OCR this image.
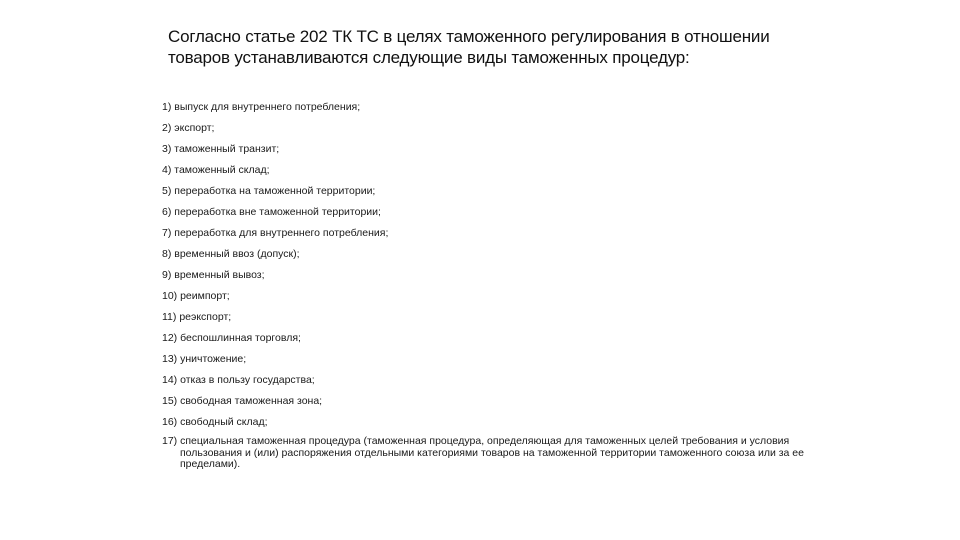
Согласно статье 202 ТК ТС в целях таможенного регулирования в отношении товаров устанавливаются следующие виды таможенных процедур:
1) выпуск для внутреннего потребления;
2) экспорт;
3) таможенный транзит;
4) таможенный склад;
5) переработка на таможенной территории;
6) переработка вне таможенной территории;
7) переработка для внутреннего потребления;
8) временный ввоз (допуск);
9) временный вывоз;
10) реимпорт;
11) реэкспорт;
12) беспошлинная торговля;
13) уничтожение;
14) отказ в пользу государства;
15) свободная таможенная зона;
16) свободный склад;
17) специальная таможенная процедура (таможенная процедура, определяющая для таможенных целей требования и условия пользования и (или) распоряжения отдельными категориями товаров на таможенной территории таможенного союза или за ее пределами).
